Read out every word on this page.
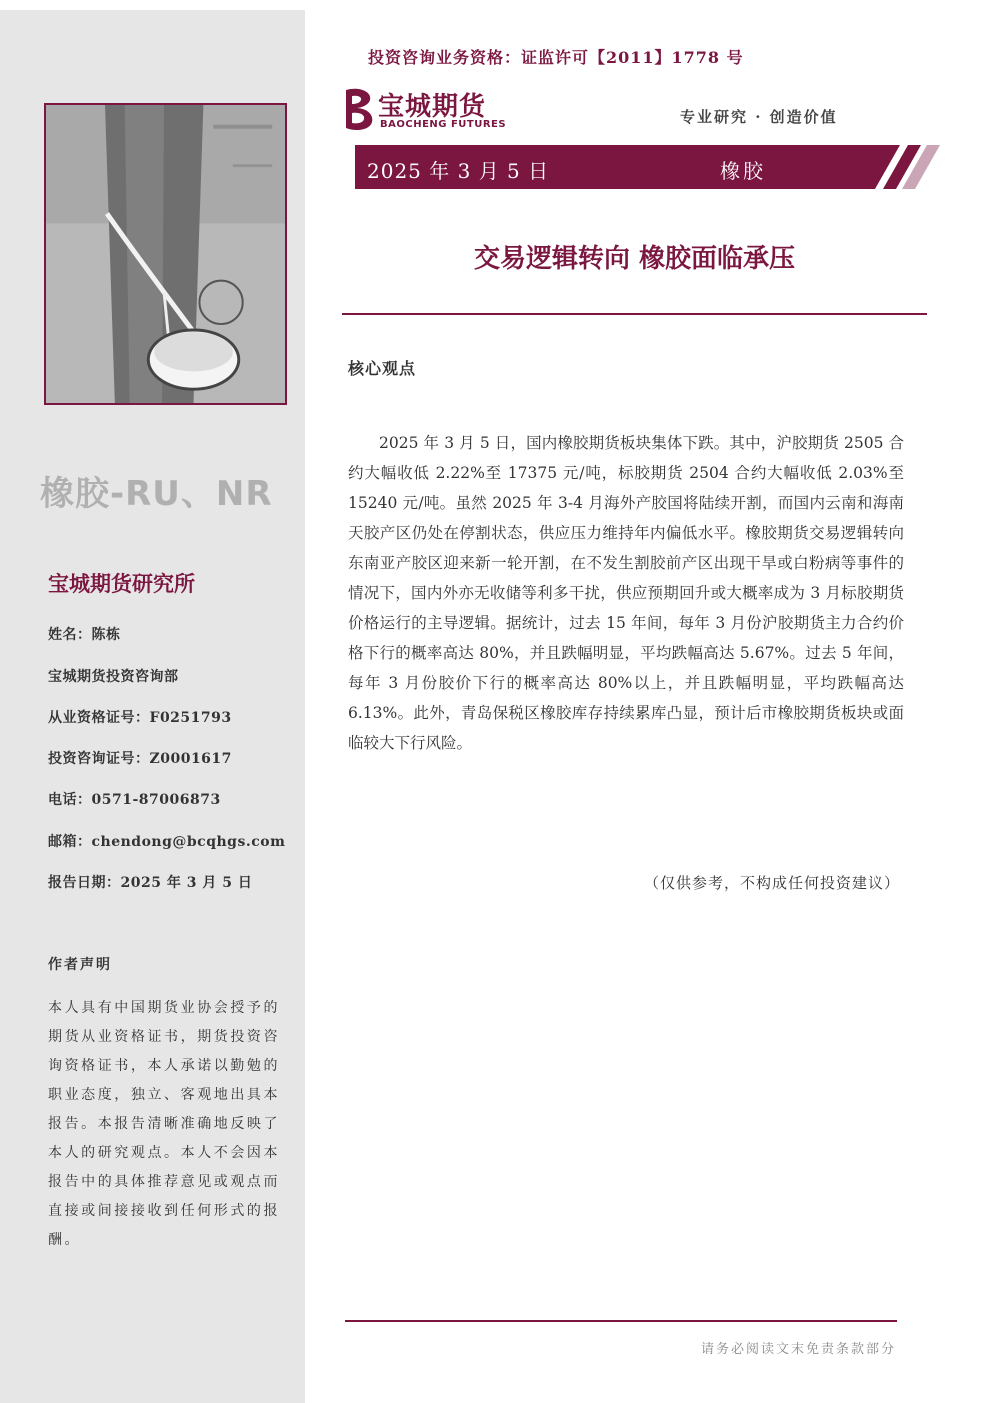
橡胶-RU、NR
宝城期货研究所
姓名：陈栋
宝城期货投资咨询部
从业资格证号：F0251793
投资咨询证号：Z0001617
电话：0571-87006873
邮箱：chendong@bcqhgs.com
报告日期：2025 年 3 月 5 日
作者声明
本人具有中国期货业协会授予的期货从业资格证书，期货投资咨询资格证书，本人承诺以勤勉的职业态度，独立、客观地出具本报告。本报告清晰准确地反映了本人的研究观点。本人不会因本报告中的具体推荐意见或观点而直接或间接接收到任何形式的报酬。
投资咨询业务资格：证监许可【2011】1778 号
宝城期货
BAOCHENG FUTURES	专业研究 · 创造价值
2025 年 3 月 5 日	橡胶
交易逻辑转向 橡胶面临承压
核心观点
2025 年 3 月 5 日，国内橡胶期货板块集体下跌。其中，沪胶期货 2505 合约大幅收低 2.22%至 17375 元/吨，标胶期货 2504 合约大幅收低 2.03%至 15240 元/吨。虽然 2025 年 3-4 月海外产胶国将陆续开割，而国内云南和海南天胶产区仍处在停割状态，供应压力维持年内偏低水平。橡胶期货交易逻辑转向东南亚产胶区迎来新一轮开割，在不发生割胶前产区出现干旱或白粉病等事件的情况下，国内外亦无收储等利多干扰，供应预期回升或大概率成为 3 月标胶期货价格运行的主导逻辑。据统计，过去 15 年间，每年 3 月份沪胶期货主力合约价格下行的概率高达 80%，并且跌幅明显，平均跌幅高达 5.67%。过去 5 年间，每年 3 月份胶价下行的概率高达 80%以上，并且跌幅明显，平均跌幅高达 6.13%。此外，青岛保税区橡胶库存持续累库凸显，预计后市橡胶期货板块或面临较大下行风险。
（仅供参考，不构成任何投资建议）
请务必阅读文末免责条款部分
